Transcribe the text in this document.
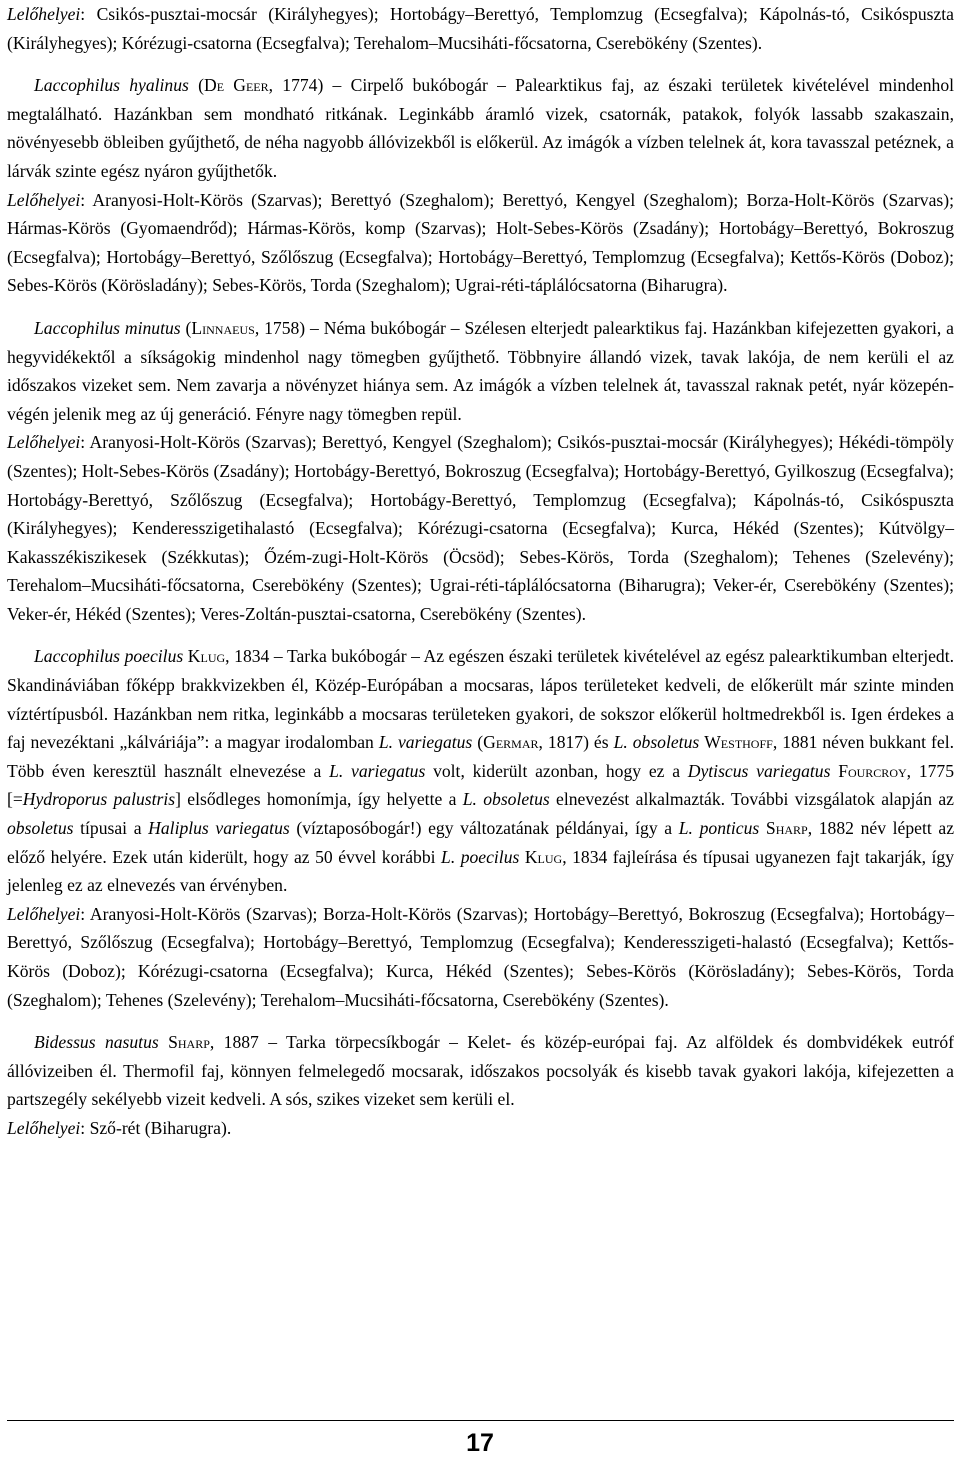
Lelőhelyei: Csikós-pusztai-mocsár (Királyhegyes); Hortobágy–Berettyó, Templomzug (Ecsegfalva); Kápolnás-tó, Csikóspuszta (Királyhegyes); Kórézugi-csatorna (Ecsegfalva); Terehalom–Mucsiháti-főcsatorna, Cserebökény (Szentes).

Laccophilus hyalinus (De Geer, 1774) – Cirpelő bukóbogár – Palearktikus faj, az északi területek kivételével mindenhol megtalálható. Hazánkban sem mondható ritkának. Leginkább áramló vizek, csatornák, patakok, folyók lassabb szakaszain, növényesebb öbleiben gyűjthető, de néha nagyobb állóvizekből is előkerül. Az imágók a vízben telelnek át, kora tavasszal petéznek, a lárvák szinte egész nyáron gyűjthetők.

Lelőhelyei: Aranyosi-Holt-Körös (Szarvas); Berettyó (Szeghalom); Berettyó, Kengyel (Szeghalom); Borza-Holt-Körös (Szarvas); Hármas-Körös (Gyomaendrőd); Hármas-Körös, komp (Szarvas); Holt-Sebes-Körös (Zsadány); Hortobágy–Berettyó, Bokroszug (Ecsegfalva); Hortobágy–Berettyó, Szőlőszug (Ecsegfalva); Hortobágy–Berettyó, Templomzug (Ecsegfalva); Kettős-Körös (Doboz); Sebes-Körös (Körösladány); Sebes-Körös, Torda (Szeghalom); Ugrai-réti-táplálócsatorna (Biharugra).

Laccophilus minutus (Linnaeus, 1758) – Néma bukóbogár – Szélesen elterjedt palearktikus faj. Hazánkban kifejezetten gyakori, a hegyvidékektől a síkságokig mindenhol nagy tömegben gyűjthető. Többnyire állandó vizek, tavak lakója, de nem kerüli el az időszakos vizeket sem. Nem zavarja a növényzet hiánya sem. Az imágók a vízben telelnek át, tavasszal raknak petét, nyár közepén-végén jelenik meg az új generáció. Fényre nagy tömegben repül.

Lelőhelyei: Aranyosi-Holt-Körös (Szarvas); Berettyó, Kengyel (Szeghalom); Csikós-pusztai-mocsár (Királyhegyes); Hékédi-tömpöly (Szentes); Holt-Sebes-Körös (Zsadány); Hortobágy-Berettyó, Bokroszug (Ecsegfalva); Hortobágy-Berettyó, Gyilkoszug (Ecsegfalva); Hortobágy-Berettyó, Szőlőszug (Ecsegfalva); Hortobágy-Berettyó, Templomzug (Ecsegfalva); Kápolnás-tó, Csikóspuszta (Királyhegyes); Kenderesszigetihalastó (Ecsegfalva); Kórézugi-csatorna (Ecsegfalva); Kurca, Hékéd (Szentes); Kútvölgy–Kakasszékiszikesek (Székkutas); Őzém-zugi-Holt-Körös (Öcsöd); Sebes-Körös, Torda (Szeghalom); Tehenes (Szelevény); Terehalom–Mucsiháti-főcsatorna, Cserebökény (Szentes); Ugrai-réti-táplálócsatorna (Biharugra); Veker-ér, Cserebökény (Szentes); Veker-ér, Hékéd (Szentes); Veres-Zoltán-pusztai-csatorna, Cserebökény (Szentes).

Laccophilus poecilus Klug, 1834 – Tarka bukóbogár – Az egészen északi területek kivételével az egész palearktikumban elterjedt. Skandináviában főképp brakkvizekben él, Közép-Európában a mocsaras, lápos területeket kedveli, de előkerült már szinte minden víztértípusból. Hazánkban nem ritka, leginkább a mocsaras területeken gyakori, de sokszor előkerül holtmedrekből is. Igen érdekes a faj nevezéktani „kálváriája”: a magyar irodalomban L. variegatus (Germar, 1817) és L. obsoletus Westhoff, 1881 néven bukkant fel. Több éven keresztül használt elnevezése a L. variegatus volt, kiderült azonban, hogy ez a Dytiscus variegatus Fourcroy, 1775 [=Hydroporus palustris] elsődleges homonímja, így helyette a L. obsoletus elnevezést alkalmazták. További vizsgálatok alapján az obsoletus típusai a Haliplus variegatus (víztaposóbogár!) egy változatának példányai, így a L. ponticus Sharp, 1882 név lépett az előző helyére. Ezek után kiderült, hogy az 50 évvel korábbi L. poecilus Klug, 1834 fajleírása és típusai ugyanezen fajt takarják, így jelenleg ez az elnevezés van érvényben.

Lelőhelyei: Aranyosi-Holt-Körös (Szarvas); Borza-Holt-Körös (Szarvas); Hortobágy–Berettyó, Bokroszug (Ecsegfalva); Hortobágy–Berettyó, Szőlőszug (Ecsegfalva); Hortobágy–Berettyó, Templomzug (Ecsegfalva); Kenderesszigeti-halastó (Ecsegfalva); Kettős-Körös (Doboz); Kórézugi-csatorna (Ecsegfalva); Kurca, Hékéd (Szentes); Sebes-Körös (Körösladány); Sebes-Körös, Torda (Szeghalom); Tehenes (Szelevény); Terehalom–Mucsiháti-főcsatorna, Cserebökény (Szentes).

Bidessus nasutus Sharp, 1887 – Tarka törpecsíkbogár – Kelet- és közép-európai faj. Az alföldek és dombvidékek eutróf állóvizeiben él. Thermofil faj, könnyen felmelegedő mocsarak, időszakos pocsolyák és kisebb tavak gyakori lakója, kifejezetten a partszegély sekélyebb vizeit kedveli. A sós, szikes vizeket sem kerüli el.

Lelőhelyei: Sző-rét (Biharugra).

17
